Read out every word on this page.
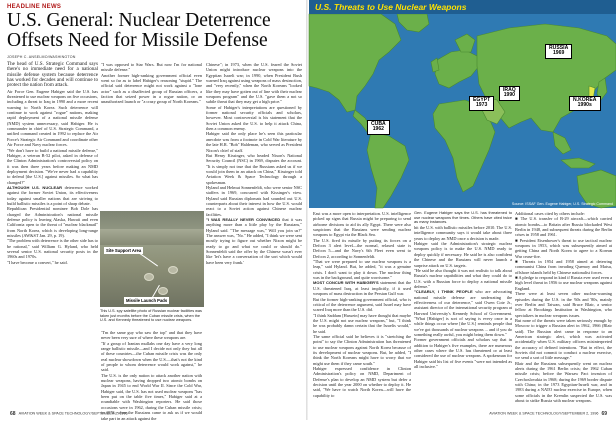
HEADLINE NEWS
U.S. General: Nuclear Deterrence
Offsets Need for Missile Defense
JOSEPH C. ANSELMO/WASHINGTON

The head of U.S. Strategic Command says there's no immediate need for a national missile defense system because deterrence has worked for decades and will continue to protect the nation from attack.

Air Force Gen. Eugene Habiger said the U.S. has threatened to use nuclear weapons on five occasions, including a threat to Iraq in 1990 and a more recent warning to North Korea. Such deterrence will continue to work against "rogue" nations, making rapid deployment of a national missile defense (NMD) system unnecessary, said Habiger. He is commander in chief of U.S. Strategic Command, a unified command created in 1992 to replace the Air Force's Strategic Air Command and coordinate other Air Force and Navy nuclear forces.

"We don't have to build a national missile defense," Habiger, a veteran B-52 pilot, asked in defense of the Clinton Administration's controversial policy on it was then three years before making an NMD deployment decision. "We've never had a capability to defend [the U.S.] against missiles. So what has changed?"

ALTHOUGH U.S. NUCLEAR deterrence worked against the former Soviet Union, its effectiveness today against smaller nations that are striving to build ballistic missiles is a point of sharp debate.

Republican Presidential nominee Bob Dole has charged the Administration's national missile defense policy is leaving Alaska, Hawaii and even California open to the threat of "nuclear blackmail" from North Korea, which is developing long-range missiles (AW&ST Jan. 29, p. 19).

"The problem with deterrence is the other side has to be rational," said William G. Hyland, who held several senior U.S. national security posts in the 1960s and 1970s.

"I have become a convert," he said.

"I was opposed to Star Wars. But now I'm for national missile defense."

Another former high-ranking government official even went so far as to label Habiger's reasoning "stupid." The official said deterrence might not work against a "lone actor" such as a disaffected group of Russian officers, a faction that seized power in a rogue nation, or an unauthorized launch or "a crazy group of North Koreans."

Site Support Area
Missile Launch Pads
This U.S. spy satellite photo of Russian nuclear facilities was taken just months before the Cuban missile crisis, when the U.S. and Kennedy threatened to use nuclear weapons.

"I'm the same guy who saw the top" and that they have never been very sure of where these weapons are.

"If a group of Iranian mullahs one day have a very long range ballistic missile—and I decide not only they but all of these countries—the Cuban missile crisis was the only real nuclear showdown when the U.S.—that's not the kind of people to whom deterrence would work against," he said.

The U.S. is the only nation to attack another nation with nuclear weapons, having dropped two atomic bombs on Japan in 1945 to end World War II. Since the Cold War, Habiger said, the U.S. has not used nuclear weapons "has been put on the table five times," Habiger said at a roundtable with Washington reporters. He said those occasions were in 1962, during the Cuban missile crisis; in 1973, when the Russians came to ask us if we would take part in an attack against the

Chinese"; in 1973, when the U.S. feared the Soviet Union might introduce nuclear weapons into the Egyptian Israeli war; in 1990, when President Bush warned Iraq against using weapons of mass destruction, and "very recently," when the North Koreans "looked like they may have gotten out of line with their nuclear weapons program" and the U.S. "gave them a not so subtle threat that they may get a high price."

Some of Habiger's interpretations are questioned by former national security officials and scholars, however. Most controversial is his statement that the Soviet Union asked the U.S. to help it attack China, then a common enemy.

Habiger said the only place he's seen this particular anecdote was from a footnote in Cold War literature by the late H.R. "Bob" Haldeman, who served as President Nixon's chief of staff.

But Henry Kissinger, who headed Nixon's National Security Council (NSC) in 1969, disputes the account. "It is simply not true that the Russians asked us if we would join them in an attack on China," Kissinger told Aviation Week & Space Technology through a spokesman.

Hyland and Helmut Sonnenfeldt, who were senior NSC staffers in 1969, concurred with Kissinger's view. Hyland said Russian diplomats had sounded out U.S. counterparts about their interest in how the U.S. would react to a Soviet action against Chinese nuclear facilities.

"I WAS REALLY NEVER CONVINCED that it was anything more than a little play by the Russians," Hyland said. "The message was," Will you join us?" The answer was, "No." He added, "I think we were sent mostly trying to figure out whether Nixon might be ready to go and what we could or should do." Sonnenfeldt said the offer by the Chinese wasn't ever like 'let's have a conversation of the sort which would have been very frank.'

68 AVIATION WEEK & SPACE TECHNOLOGY/SEPTEMBER 2, 1996
U.S. Threats to Use Nuclear Weapons
RUSSIA
1969
IRAQ
1990
N.KOREA
1990s
EGYPT
1973
CUBA
1962
Source: ISSAF Gen. Eugene Habiger, U.S. Strategic Command

East was a more open to interpretation. U.S. intelligence picked up signs that Russia might be preparing to send airborne divisions to aid its ally Egypt. There were also suspicions that the Russians were sending nuclear weapons to Egypt via the Black Sea.

The U.S. fired its missile by putting its forces on a Defcon 3 alert level—the normal, relaxed state is Defcon 5—and the Navy's 6th Fleet even went to Defcon 2, according to Sonnenfeldt.

"That we were prepared to use nuclear weapons is a leap," said Hyland. But, he added, "it was a genuine crisis. I don't want to play it down. The nuclear thing was in the background, and quite worrisome."

MOST CONCUR WITH HABIGER'S statement that the U.S. threatened Iraq, at least implicitly, if it used weapons of mass destruction in the Persian Gulf war.

But the former high-ranking government official, who is critical of the deterrence argument, said Israel may have scared Iraq more than the U.S. did.

"I think Saddam [Hussein] may have thought that maybe the U.S. might not use nuclear weapons," but, "I think he was probably damn certain that the Israelis would," he said.

The same official said he believes it is "stretching the point" to say the Clinton Administration has threatened to use nuclear weapons against North Korea because of its development of nuclear weapons. But, he added, "I think the North Koreans might have to worry that we might use them if they came south."

Habiger expressed confidence in Clinton Administration's policy on NMD, Department of Defense's plan to develop an NMD system but defer a decision until the year 2000 on whether to deploy it. He said, "We have to watch North Korea—will have the capability to

Gen. Eugene Habiger says the U.S. has threatened to use nuclear weapons five times. Others have cited twice as many instances.

hit the U.S. with ballistic missiles before 2010. The U.S. intelligence community says it would take about three years to deploy an NMD once a decision is made.

Habiger said the Administration's strategic nuclear weapons policy is to make the U.S. NMD ready to deploy quickly if necessary. He said he is also confident the Chinese and the Russians will never launch a surprise attack on U.S. targets.

"He said he also thought it was not realistic to talk about Russia's nuclear capabilities and what they could do to U.S. with a Russian force to deploy a national missile defense."

"CLEARLY, I THINK PEOPLE who are advocating national missile defense are underrating the effectiveness of our deterrence," said Owen Cote Jr., assistant director of the international security program at Harvard University's Kennedy School of Government. "What [Habiger] is sort of saying is every once in a while things occur where [the U.S.] reminds people that we've got thousands of nuclear weapons ... and if you do something really awful, you might bring them down."

Former government officials and scholars say that in addition to Habiger's five examples, there are numerous other cases where the U.S. has threatened or at least considered the use of nuclear weapons. A spokesman for Habiger said his list of five events "were not intended as all inclusive."

Additional cases cited by others include:

■ The U.S. transfer of B-29 aircraft—which carried atomic bombs—to Britain after Russia blockaded West Berlin in 1948, and subsequent threats during the Berlin crises in 1958 and 1961.

■ President Eisenhower's threat to use tactical nuclear weapons in 1953, which was subsequently aimed at getting China and North Korea to agree to a Korean War cease-fire.

■ Threats in 1954 and 1958 aimed at deterring communist China from invading Quemoy and Matsu, offshore islands held by Chinese nationalist forces.

■ A pledge to respond in kind if Russia ever used even a high level threat in 1956 to use nuclear weapons against England.

There were at least seven other nuclear-warning episodes during the U.S. in the '60s and '80s, mainly over Berlin and Taiwan, said Bruce Blair, a senior fellow at Brookings Institution in Washington, who specializes in nuclear weapons issues.

But none of the threats were taken seriously enough by Moscow to trigger a Russian alert in 1962, 1966 (Blair said). The Russian alert came in response to an American strategic alert, which was activated accidentally when U.S. military officers misinterpreted the accuracy of defined intentions. "But in effect, the Soviets did not commit to conduct a nuclear exercise, we send a sort of little message."

Blair and the Russians subsequently went on nuclear alerts during the 1961 Berlin crisis; the 1962 Cuban missile crisis; before the Warsaw Pact invasion of Czechoslovakia in 1968; during the 1969 border dispute with China; in the 1973 Egyptian-Israeli war, and in 1983 during a NATO nuclear exercise in Europe, when some officials in the Kremlin suspected the U.S. was about to strike Russia with nuclear weapons.

AVIATION WEEK & SPACE TECHNOLOGY/SEPTEMBER 2, 1996 69
